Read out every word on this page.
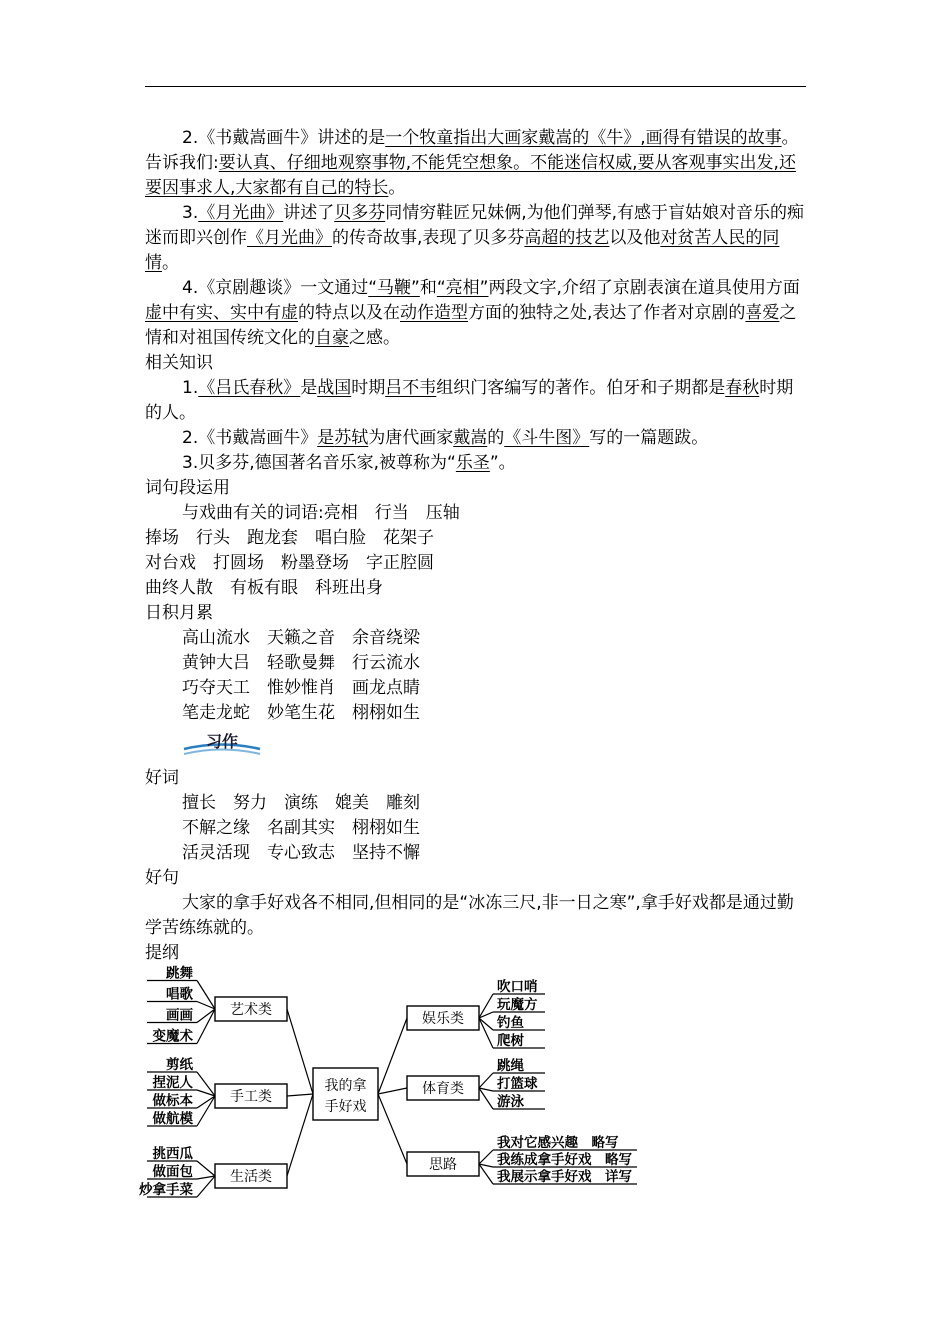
2.《书戴嵩画牛》讲述的是一个牧童指出大画家戴嵩的《牛》,画得有错误的故事。告诉我们:要认真、仔细地观察事物,不能凭空想象。不能迷信权威,要从客观事实出发,还要因事求人,大家都有自己的特长。

3.《月光曲》讲述了贝多芬同情穷鞋匠兄妹俩,为他们弹琴,有感于盲姑娘对音乐的痴迷而即兴创作《月光曲》的传奇故事,表现了贝多芬高超的技艺以及他对贫苦人民的同情。

4.《京剧趣谈》一文通过“马鞭”和“亮相”两段文字,介绍了京剧表演在道具使用方面虚中有实、实中有虚的特点以及在动作造型方面的独特之处,表达了作者对京剧的喜爱之情和对祖国传统文化的自豪之感。

相关知识

1.《吕氏春秋》是战国时期吕不韦组织门客编写的著作。伯牙和子期都是春秋时期的人。

2.《书戴嵩画牛》是苏轼为唐代画家戴嵩的《斗牛图》写的一篇题跋。

3.贝多芬,德国著名音乐家,被尊称为“乐圣”。

词句段运用

与戏曲有关的词语:亮相　行当　压轴

捧场　行头　跑龙套　唱白脸　花架子

对台戏　打圆场　粉墨登场　字正腔圆

曲终人散　有板有眼　科班出身

日积月累

高山流水　天籁之音　余音绕梁

黄钟大吕　轻歌曼舞　行云流水

巧夺天工　惟妙惟肖　画龙点睛

笔走龙蛇　妙笔生花　栩栩如生

习作

好词

擅长　努力　演练　媲美　雕刻

不解之缘　名副其实　栩栩如生

活灵活现　专心致志　坚持不懈

好句

大家的拿手好戏各不相同,但相同的是“冰冻三尺,非一日之寒”,拿手好戏都是通过勤学苦练练就的。

提纲

我的拿
手好戏
艺术类
跳舞
唱歌
画画
变魔术
手工类
剪纸
捏泥人
做标本
做航模
生活类
挑西瓜
做面包
炒拿手菜
娱乐类
吹口哨
玩魔方
钓鱼
爬树
体育类
跳绳
打篮球
游泳
思路
我对它感兴趣　略写
我练成拿手好戏　略写
我展示拿手好戏　详写
